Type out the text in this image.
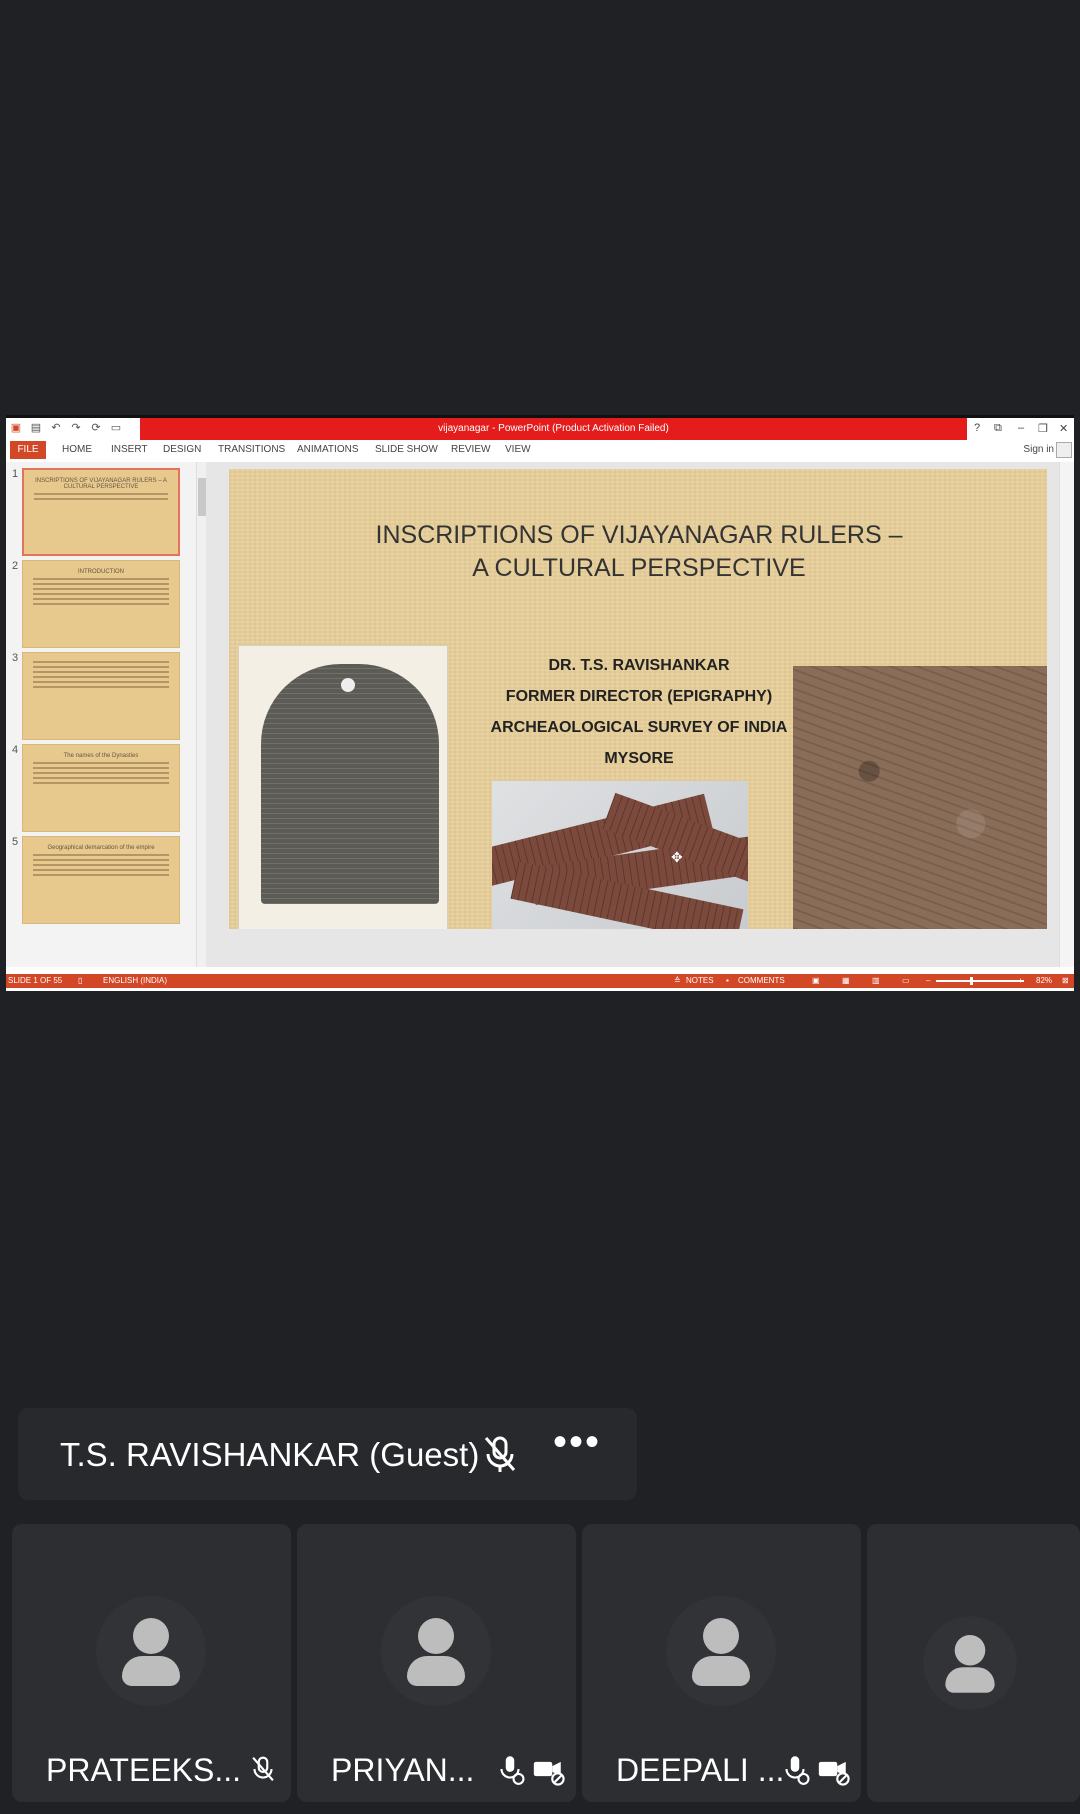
▣ ▤ ↶ ↷ ⟳ ▭	vijayanagar - PowerPoint (Product Activation Failed)	? ⧉ – ❐ ✕
FILE	HOME INSERT DESIGN TRANSITIONS ANIMATIONS SLIDE SHOW REVIEW VIEW	Sign in
1
INSCRIPTIONS OF VIJAYANAGAR RULERS – A CULTURAL PERSPECTIVE
2	INTRODUCTION
3
4	The names of the Dynasties
5	Geographical demarcation of the empire
INSCRIPTIONS OF VIJAYANAGAR RULERS –
A CULTURAL PERSPECTIVE
DR. T.S. RAVISHANKAR
FORMER DIRECTOR (EPIGRAPHY)
ARCHEAOLOGICAL SURVEY OF INDIA
MYSORE
✥
SLIDE 1 OF 55 ▯	ENGLISH (INDIA)	≙ NOTES ▪ COMMENTS	▣	▦	▥	▭ –	+ 82% ⊠
T.S. RAVISHANKAR (Guest) •••
PRATEEKS...	PRIYAN...	DEEPALI ...
